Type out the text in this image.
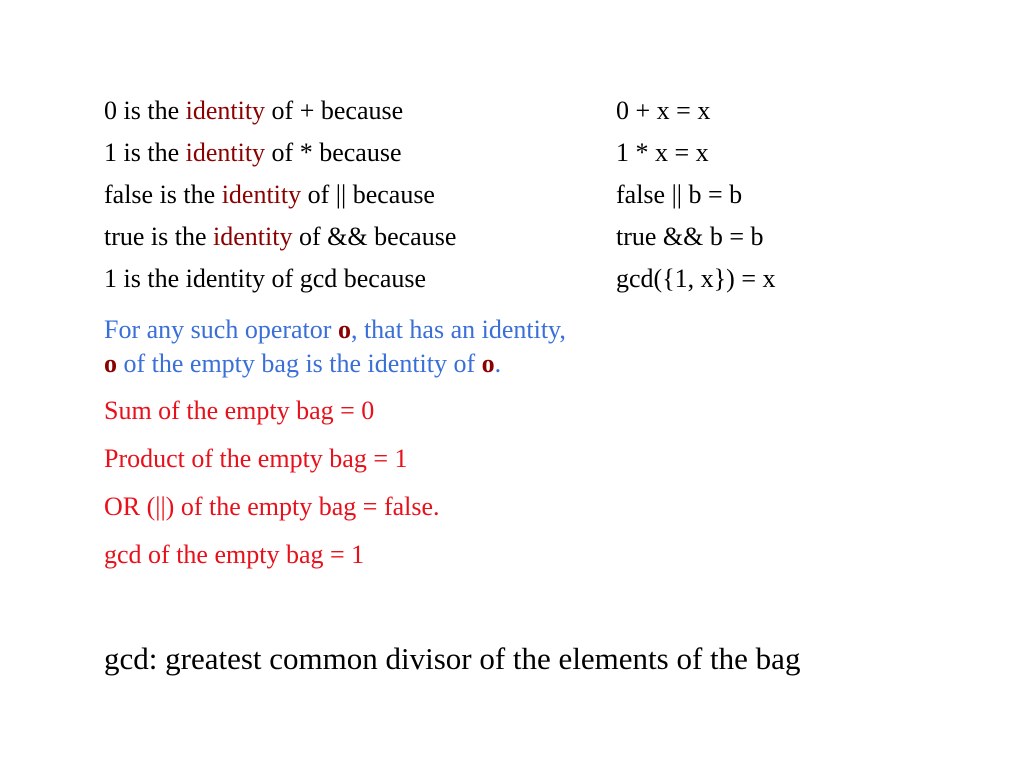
0 is the identity of + because	0 + x = x
1 is the identity of * because	1 * x = x
false is the identity of || because	false || b = b
true is the identity of && because	true && b = b
1 is the identity of gcd because	gcd({1, x}) = x
For any such operator o, that has an identity,
o of the empty bag is the identity of o.
Sum of the empty bag = 0
Product of the empty bag = 1
OR (||) of the empty bag = false.
gcd of the empty bag = 1
gcd: greatest common divisor of the elements of the bag
